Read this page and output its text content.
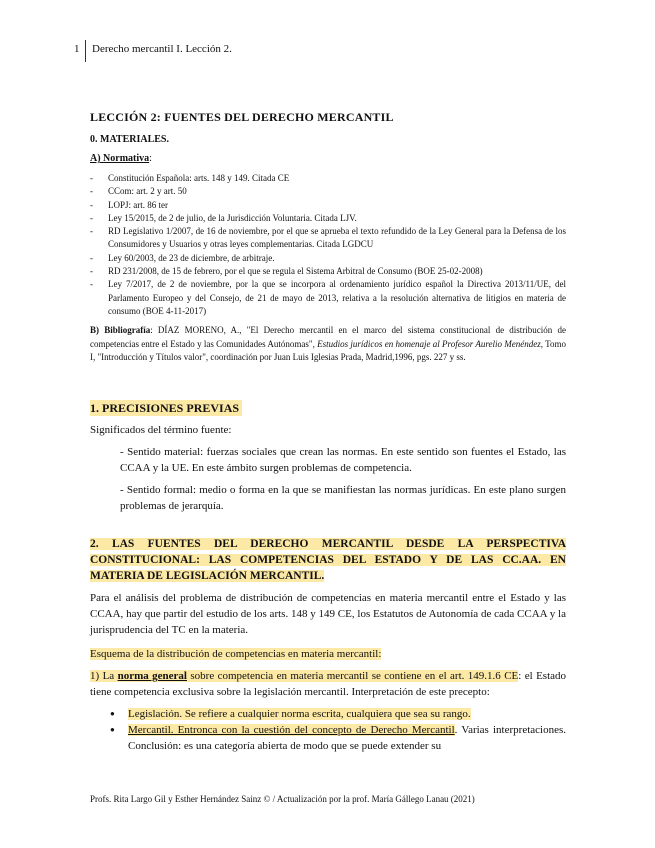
1 Derecho mercantil I. Lección 2.
LECCIÓN 2: FUENTES DEL DERECHO MERCANTIL
0. MATERIALES.
A) Normativa:
- Constitución Española: arts. 148 y 149. Citada CE
- CCom: art. 2 y art. 50
- LOPJ: art. 86 ter
- Ley 15/2015, de 2 de julio, de la Jurisdicción Voluntaria. Citada LJV.
- RD Legislativo 1/2007, de 16 de noviembre, por el que se aprueba el texto refundido de la Ley General para la Defensa de los Consumidores y Usuarios y otras leyes complementarias. Citada LGDCU
- Ley 60/2003, de 23 de diciembre, de arbitraje.
- RD 231/2008, de 15 de febrero, por el que se regula el Sistema Arbitral de Consumo (BOE 25-02-2008)
- Ley 7/2017, de 2 de noviembre, por la que se incorpora al ordenamiento jurídico español la Directiva 2013/11/UE, del Parlamento Europeo y del Consejo, de 21 de mayo de 2013, relativa a la resolución alternativa de litigios en materia de consumo (BOE 4-11-2017)

B) Bibliografía: DÍAZ MORENO, A., "El Derecho mercantil en el marco del sistema constitucional de distribución de competencias entre el Estado y las Comunidades Autónomas", Estudios jurídicos en homenaje al Profesor Aurelio Menéndez, Tomo I, "Introducción y Títulos valor", coordinación por Juan Luis Iglesias Prada, Madrid,1996, pgs. 227 y ss.

1. PRECISIONES PREVIAS

Significados del término fuente:

- Sentido material: fuerzas sociales que crean las normas. En este sentido son fuentes el Estado, las CCAA y la UE. En este ámbito surgen problemas de competencia.

- Sentido formal: medio o forma en la que se manifiestan las normas jurídicas. En este plano surgen problemas de jerarquía.

2. LAS FUENTES DEL DERECHO MERCANTIL DESDE LA PERSPECTIVA CONSTITUCIONAL: LAS COMPETENCIAS DEL ESTADO Y DE LAS CC.AA. EN MATERIA DE LEGISLACIÓN MERCANTIL.

Para el análisis del problema de distribución de competencias en materia mercantil entre el Estado y las CCAA, hay que partir del estudio de los arts. 148 y 149 CE, los Estatutos de Autonomía de cada CCAA y la jurisprudencia del TC en la materia.

Esquema de la distribución de competencias en materia mercantil:

1) La norma general sobre competencia en materia mercantil se contiene en el art. 149.1.6 CE: el Estado tiene competencia exclusiva sobre la legislación mercantil. Interpretación de este precepto:

● Legislación. Se refiere a cualquier norma escrita, cualquiera que sea su rango.
● Mercantil. Entronca con la cuestión del concepto de Derecho Mercantil. Varias interpretaciones. Conclusión: es una categoría abierta de modo que se puede extender su
Profs. Rita Largo Gil y Esther Hernández Sainz © / Actualización por la prof. María Gállego Lanau (2021)
